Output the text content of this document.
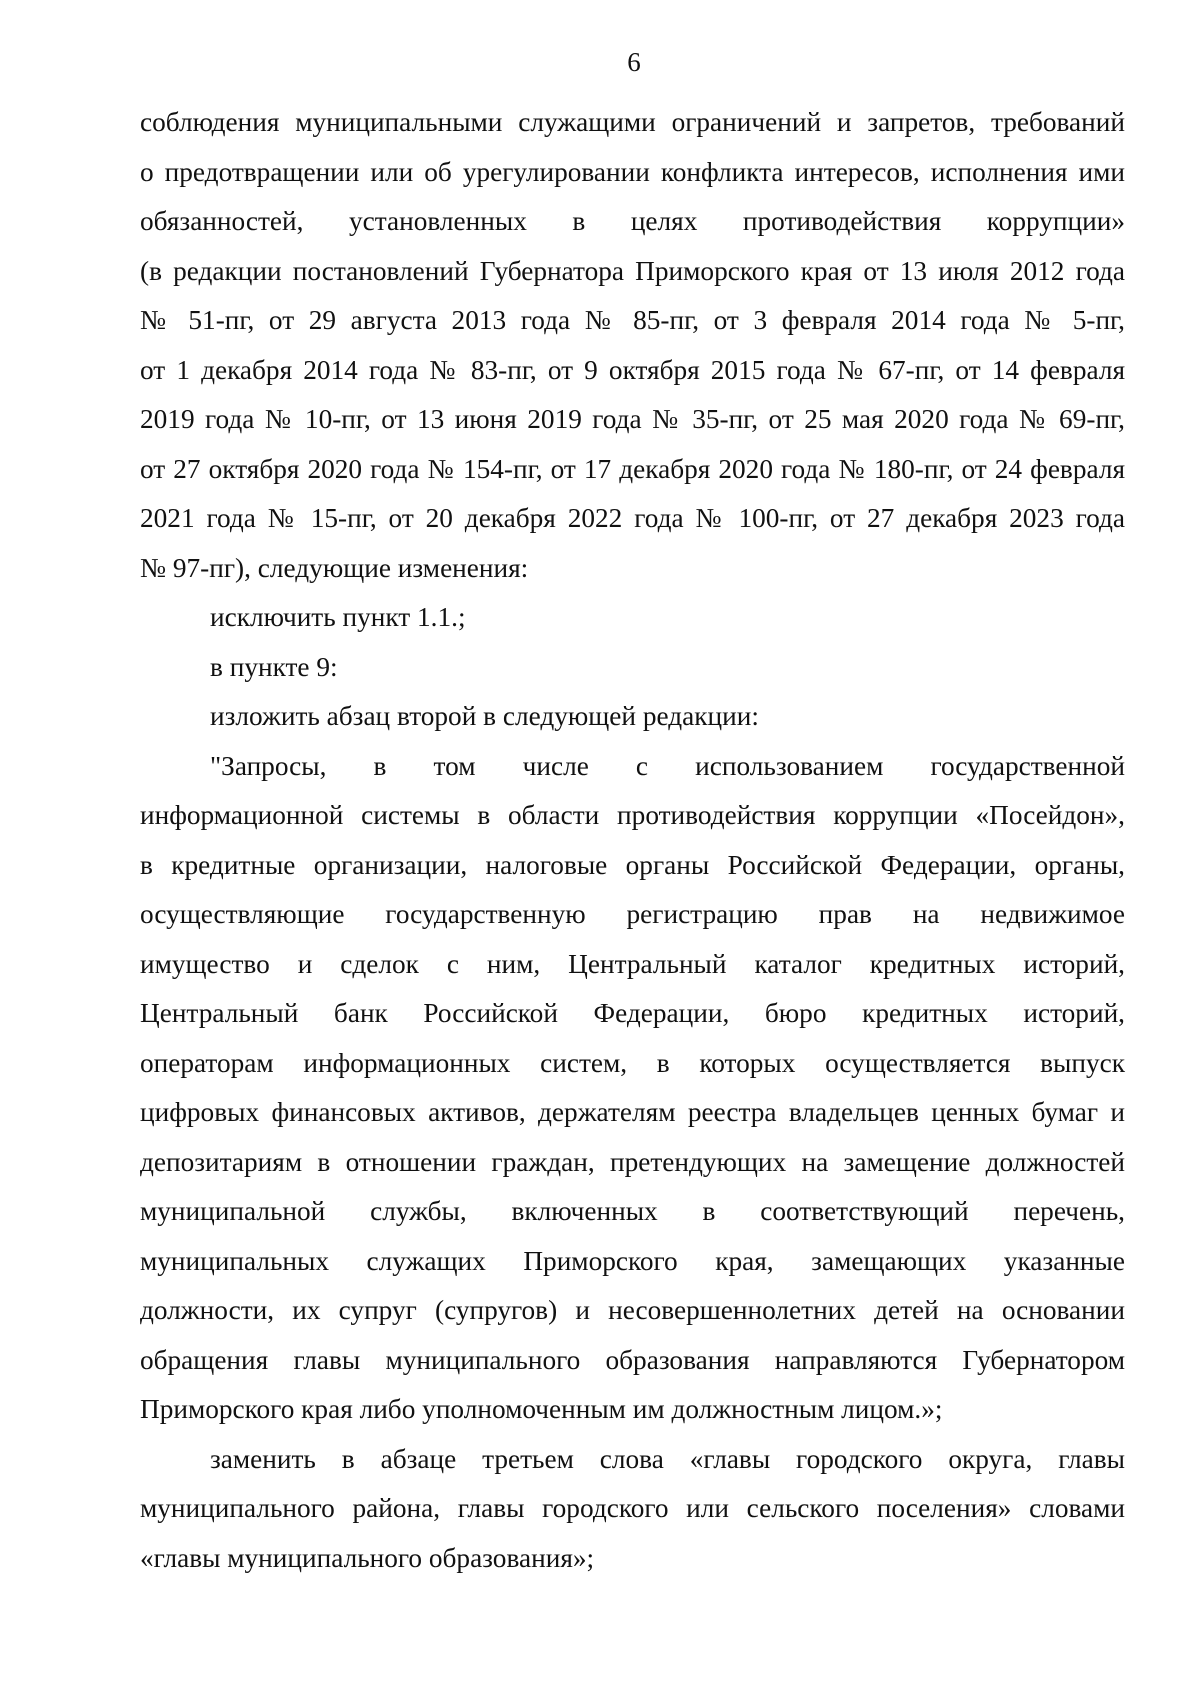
6
соблюдения муниципальными служащими ограничений и запретов, требований
о предотвращении или об урегулировании конфликта интересов, исполнения ими
обязанностей, установленных в целях противодействия коррупции»
(в редакции постановлений Губернатора Приморского края от 13 июля 2012 года
№ 51-пг, от 29 августа 2013 года № 85-пг, от 3 февраля 2014 года № 5-пг,
от 1 декабря 2014 года № 83-пг, от 9 октября 2015 года № 67-пг, от 14 февраля
2019 года № 10-пг, от 13 июня 2019 года № 35-пг, от 25 мая 2020 года № 69-пг,
от 27 октября 2020 года № 154-пг, от 17 декабря 2020 года № 180-пг, от 24 февраля
2021 года № 15-пг, от 20 декабря 2022 года № 100-пг, от 27 декабря 2023 года
№ 97-пг), следующие изменения:
исключить пункт 1.1.;
в пункте 9:
изложить абзац второй в следующей редакции:
"Запросы, в том числе с использованием государственной
информационной системы в области противодействия коррупции «Посейдон»,
в кредитные организации, налоговые органы Российской Федерации, органы,
осуществляющие государственную регистрацию прав на недвижимое
имущество и сделок с ним, Центральный каталог кредитных историй,
Центральный банк Российской Федерации, бюро кредитных историй,
операторам информационных систем, в которых осуществляется выпуск
цифровых финансовых активов, держателям реестра владельцев ценных бумаг и
депозитариям в отношении граждан, претендующих на замещение должностей
муниципальной службы, включенных в соответствующий перечень,
муниципальных служащих Приморского края, замещающих указанные
должности, их супруг (супругов) и несовершеннолетних детей на основании
обращения главы муниципального образования направляются Губернатором
Приморского края либо уполномоченным им должностным лицом.»;
заменить в абзаце третьем слова «главы городского округа, главы
муниципального района, главы городского или сельского поселения» словами
«главы муниципального образования»;
